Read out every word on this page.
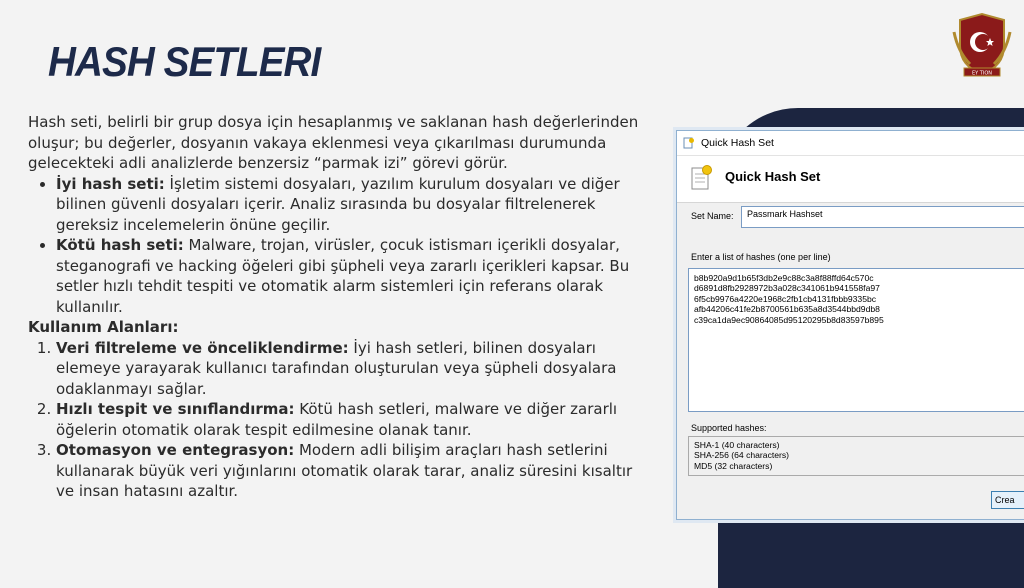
HASH SETLERI	EY TION

Hash seti, belirli bir grup dosya için hesaplanmış ve saklanan hash değerlerinden oluşur; bu değerler, dosyanın vakaya eklenmesi veya çıkarılması durumunda gelecekteki adli analizlerde benzersiz “parmak izi” görevi görür.

• İyi hash seti: İşletim sistemi dosyaları, yazılım kurulum dosyaları ve diğer bilinen güvenli dosyaları içerir. Analiz sırasında bu dosyalar filtrelenerek gereksiz incelemelerin önüne geçilir.
• Kötü hash seti: Malware, trojan, virüsler, çocuk istismarı içerikli dosyalar, steganografi ve hacking öğeleri gibi şüpheli veya zararlı içerikleri kapsar. Bu setler hızlı tehdit tespiti ve otomatik alarm sistemleri için referans olarak kullanılır.

Kullanım Alanları:

1. Veri filtreleme ve önceliklendirme: İyi hash setleri, bilinen dosyaları elemeye yarayarak kullanıcı tarafından oluşturulan veya şüpheli dosyalara odaklanmayı sağlar.
2. Hızlı tespit ve sınıflandırma: Kötü hash setleri, malware ve diğer zararlı öğelerin otomatik olarak tespit edilmesine olanak tanır.
3. Otomasyon ve entegrasyon: Modern adli bilişim araçları hash setlerini kullanarak büyük veri yığınlarını otomatik olarak tarar, analiz süresini kısaltır ve insan hatasını azaltır.
Quick Hash Set
Quick Hash Set
Set Name:	Passmark Hashset
Enter a list of hashes (one per line)
b8b920a9d1b65f3db2e9c88c3a8f88ffd64c570c
d6891d8fb2928972b3a028c341061b941558fa97
6f5cb9976a4220e1968c2fb1cb4131fbbb9335bc
afb44206c41fe2b8700561b635a8d3544bbd9db8
c39ca1da9ec90864085d95120295b8d83597b895
Supported hashes:
SHA-1 (40 characters)
SHA-256 (64 characters)
MD5 (32 characters)
Crea
